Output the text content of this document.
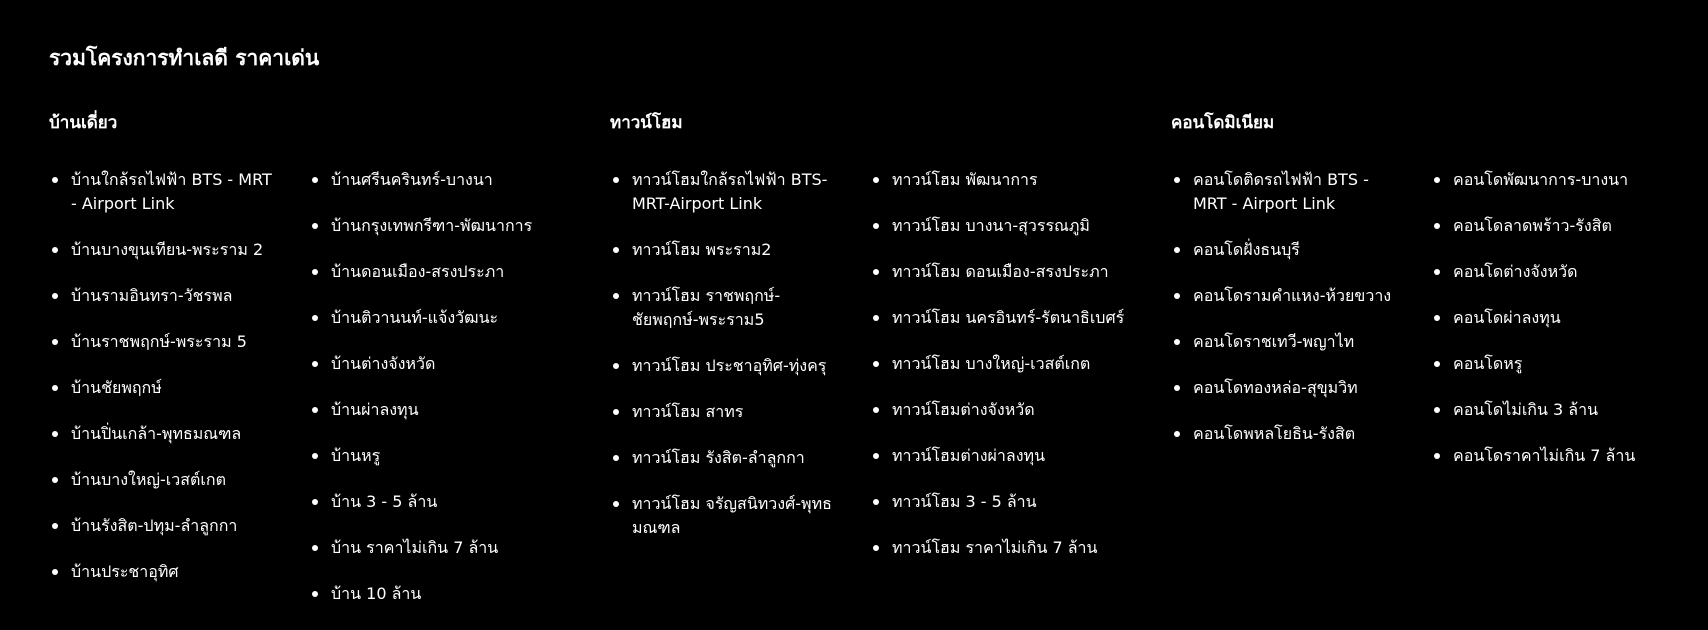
รวมโครงการทำเลดี ราคาเด่น
บ้านเดี่ยว
บ้านใกล้รถไฟฟ้า BTS - MRT - Airport Link
บ้านบางขุนเทียน-พระราม 2
บ้านรามอินทรา-วัชรพล
บ้านราชพฤกษ์-พระราม 5
บ้านชัยพฤกษ์
บ้านปิ่นเกล้า-พุทธมณฑล
บ้านบางใหญ่-เวสต์เกต
บ้านรังสิต-ปทุม-ลำลูกกา
บ้านประชาอุทิศ
บ้านศรีนครินทร์-บางนา
บ้านกรุงเทพกรีฑา-พัฒนาการ
บ้านดอนเมือง-สรงประภา
บ้านติวานนท์-แจ้งวัฒนะ
บ้านต่างจังหวัด
บ้านผ่าลงทุน
บ้านหรู
บ้าน 3 - 5 ล้าน
บ้าน ราคาไม่เกิน 7 ล้าน
บ้าน 10 ล้าน
ทาวน์โฮม
ทาวน์โฮมใกล้รถไฟฟ้า BTS-MRT-Airport Link
ทาวน์โฮม พระราม2
ทาวน์โฮม ราชพฤกษ์-ชัยพฤกษ์-พระราม5
ทาวน์โฮม ประชาอุทิศ-ทุ่งครุ
ทาวน์โฮม สาทร
ทาวน์โฮม รังสิต-ลำลูกกา
ทาวน์โฮม จรัญสนิทวงศ์-พุทธมณฑล
ทาวน์โฮม พัฒนาการ
ทาวน์โฮม บางนา-สุวรรณภูมิ
ทาวน์โฮม ดอนเมือง-สรงประภา
ทาวน์โฮม นครอินทร์-รัตนาธิเบศร์
ทาวน์โฮม บางใหญ่-เวสต์เกต
ทาวน์โฮมต่างจังหวัด
ทาวน์โฮมต่างผ่าลงทุน
ทาวน์โฮม 3 - 5 ล้าน
ทาวน์โฮม ราคาไม่เกิน 7 ล้าน
คอนโดมิเนียม
คอนโดติดรถไฟฟ้า BTS - MRT - Airport Link
คอนโดฝั่งธนบุรี
คอนโดรามคำแหง-ห้วยขวาง
คอนโดราชเทวี-พญาไท
คอนโดทองหล่อ-สุขุมวิท
คอนโดพหลโยธิน-รังสิต
คอนโดพัฒนาการ-บางนา
คอนโดลาดพร้าว-รังสิต
คอนโดต่างจังหวัด
คอนโดผ่าลงทุน
คอนโดหรู
คอนโดไม่เกิน 3 ล้าน
คอนโดราคาไม่เกิน 7 ล้าน
